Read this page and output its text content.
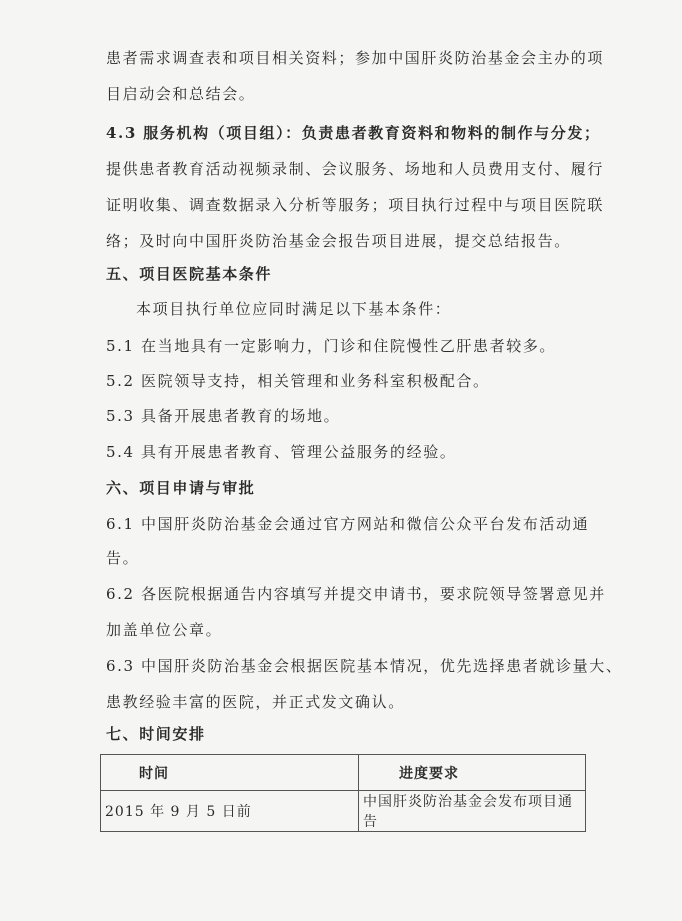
患者需求调查表和项目相关资料；参加中国肝炎防治基金会主办的项
目启动会和总结会。
4.3 服务机构（项目组）：负责患者教育资料和物料的制作与分发；
提供患者教育活动视频录制、会议服务、场地和人员费用支付、履行
证明收集、调查数据录入分析等服务；项目执行过程中与项目医院联
络；及时向中国肝炎防治基金会报告项目进展，提交总结报告。
五、项目医院基本条件
本项目执行单位应同时满足以下基本条件：
5.1 在当地具有一定影响力，门诊和住院慢性乙肝患者较多。
5.2 医院领导支持，相关管理和业务科室积极配合。
5.3 具备开展患者教育的场地。
5.4 具有开展患者教育、管理公益服务的经验。
六、项目申请与审批
6.1 中国肝炎防治基金会通过官方网站和微信公众平台发布活动通
告。
6.2 各医院根据通告内容填写并提交申请书，要求院领导签署意见并
加盖单位公章。
6.3 中国肝炎防治基金会根据医院基本情况，优先选择患者就诊量大、
患教经验丰富的医院，并正式发文确认。
七、时间安排
时间	进度要求
2015 年 9 月 5 日前	中国肝炎防治基金会发布项目通告
